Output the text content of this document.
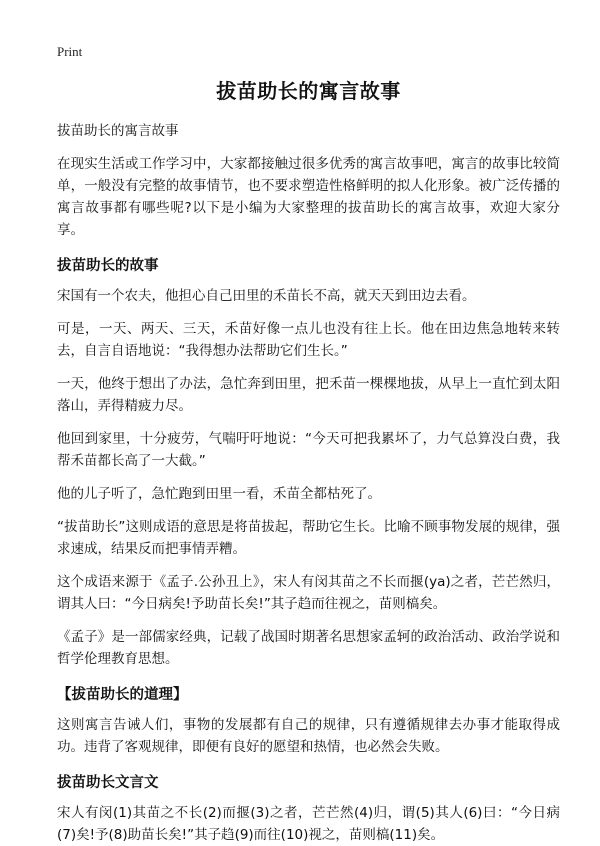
Print
拔苗助长的寓言故事
拔苗助长的寓言故事

在现实生活或工作学习中，大家都接触过很多优秀的寓言故事吧，寓言的故事比较简单，一般没有完整的故事情节，也不要求塑造性格鲜明的拟人化形象。被广泛传播的寓言故事都有哪些呢?以下是小编为大家整理的拔苗助长的寓言故事，欢迎大家分享。

拔苗助长的故事

宋国有一个农夫，他担心自己田里的禾苗长不高，就天天到田边去看。

可是，一天、两天、三天，禾苗好像一点儿也没有往上长。他在田边焦急地转来转去，自言自语地说：“我得想办法帮助它们生长。”

一天，他终于想出了办法，急忙奔到田里，把禾苗一棵棵地拔，从早上一直忙到太阳落山，弄得精疲力尽。

他回到家里，十分疲劳，气喘吁吁地说：“今天可把我累坏了，力气总算没白费，我帮禾苗都长高了一大截。”

他的儿子听了，急忙跑到田里一看，禾苗全都枯死了。

“拔苗助长”这则成语的意思是将苗拔起，帮助它生长。比喻不顾事物发展的规律，强求速成，结果反而把事情弄糟。

这个成语来源于《孟子.公孙丑上》，宋人有闵其苗之不长而揠(ya)之者，芒芒然归，谓其人曰：“今日病矣!予助苗长矣!”其子趋而往视之，苗则槁矣。

《孟子》是一部儒家经典，记载了战国时期著名思想家孟轲的政治活动、政治学说和哲学伦理教育思想。

【拔苗助长的道理】

这则寓言告诫人们，事物的发展都有自己的规律，只有遵循规律去办事才能取得成功。违背了客观规律，即便有良好的愿望和热情，也必然会失败。

拔苗助长文言文

宋人有闵(1)其苗之不长(2)而揠(3)之者，芒芒然(4)归，谓(5)其人(6)曰：“今日病(7)矣!予(8)助苗长矣!”其子趋(9)而往(10)视之，苗则槁(11)矣。
